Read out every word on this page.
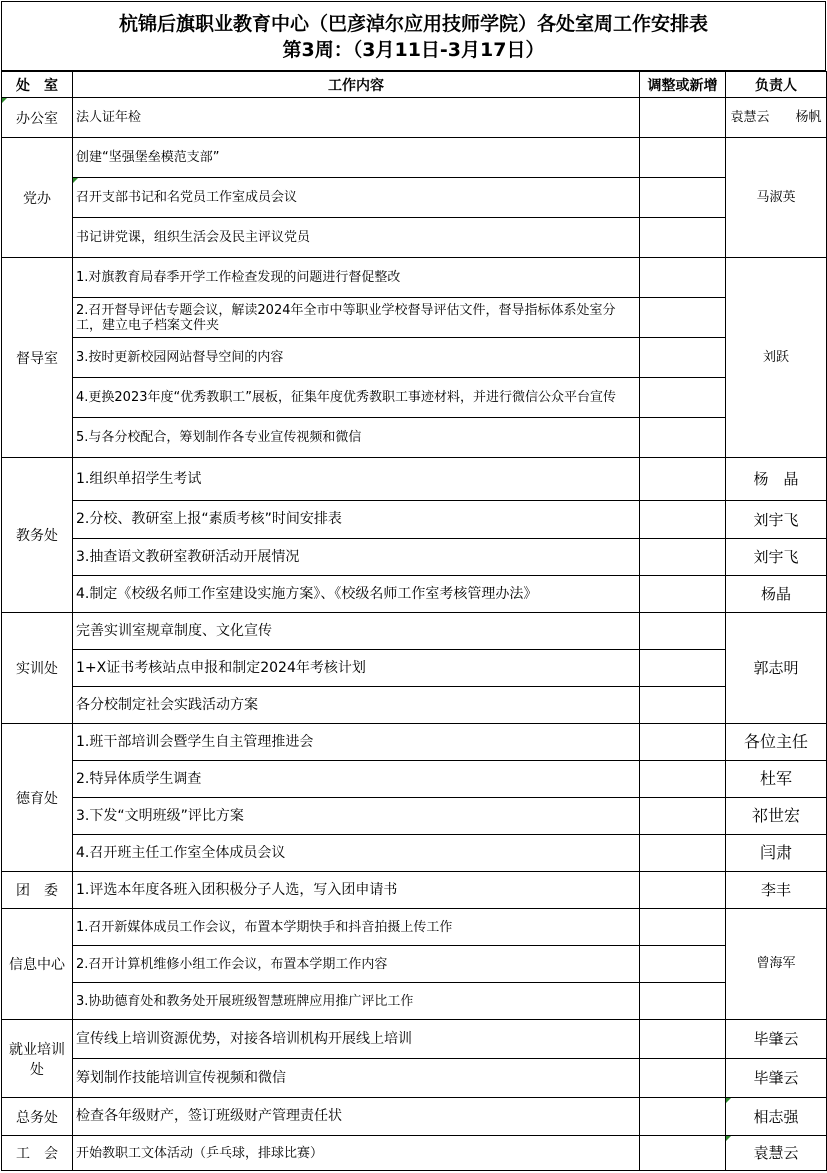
杭锦后旗职业教育中心（巴彦淖尔应用技师学院）各处室周工作安排表
第3周：（3月11日-3月17日）
处　室	工作内容	调整或新增	负责人
办公室	法人证年检		袁慧云　　杨帆
党办	创建“坚强堡垒模范支部”		马淑英
	召开支部书记和名党员工作室成员会议		
	书记讲党课，组织生活会及民主评议党员		
督导室	1.对旗教育局春季开学工作检查发现的问题进行督促整改		刘跃
	2.召开督导评估专题会议，解读2024年全市中等职业学校督导评估文件，督导指标体系处室分工，建立电子档案文件夹		
	3.按时更新校园网站督导空间的内容		
	4.更换2023年度“优秀教职工”展板，征集年度优秀教职工事迹材料，并进行微信公众平台宣传		
	5.与各分校配合，筹划制作各专业宣传视频和微信		
教务处	1.组织单招学生考试		杨　晶
	2.分校、教研室上报“素质考核”时间安排表		刘宇飞
	3.抽查语文教研室教研活动开展情况		刘宇飞
	4.制定《校级名师工作室建设实施方案》、《校级名师工作室考核管理办法》		杨晶
实训处	完善实训室规章制度、文化宣传		郭志明
	1+X证书考核站点申报和制定2024年考核计划		
	各分校制定社会实践活动方案		
德育处	1.班干部培训会暨学生自主管理推进会		各位主任
	2.特异体质学生调查		杜军
	3.下发“文明班级”评比方案		祁世宏
	4.召开班主任工作室全体成员会议		闫肃
团　委	1.评选本年度各班入团积极分子人选，写入团申请书		李丰
信息中心	1.召开新媒体成员工作会议，布置本学期快手和抖音拍摄上传工作		曾海军
	2.召开计算机维修小组工作会议，布置本学期工作内容		
	3.协助德育处和教务处开展班级智慧班牌应用推广评比工作		
就业培训处	宣传线上培训资源优势，对接各培训机构开展线上培训		毕肇云
	筹划制作技能培训宣传视频和微信		毕肇云
总务处	检查各年级财产，签订班级财产管理责任状		相志强
工　会	开始教职工文体活动（乒乓球，排球比赛）		袁慧云
